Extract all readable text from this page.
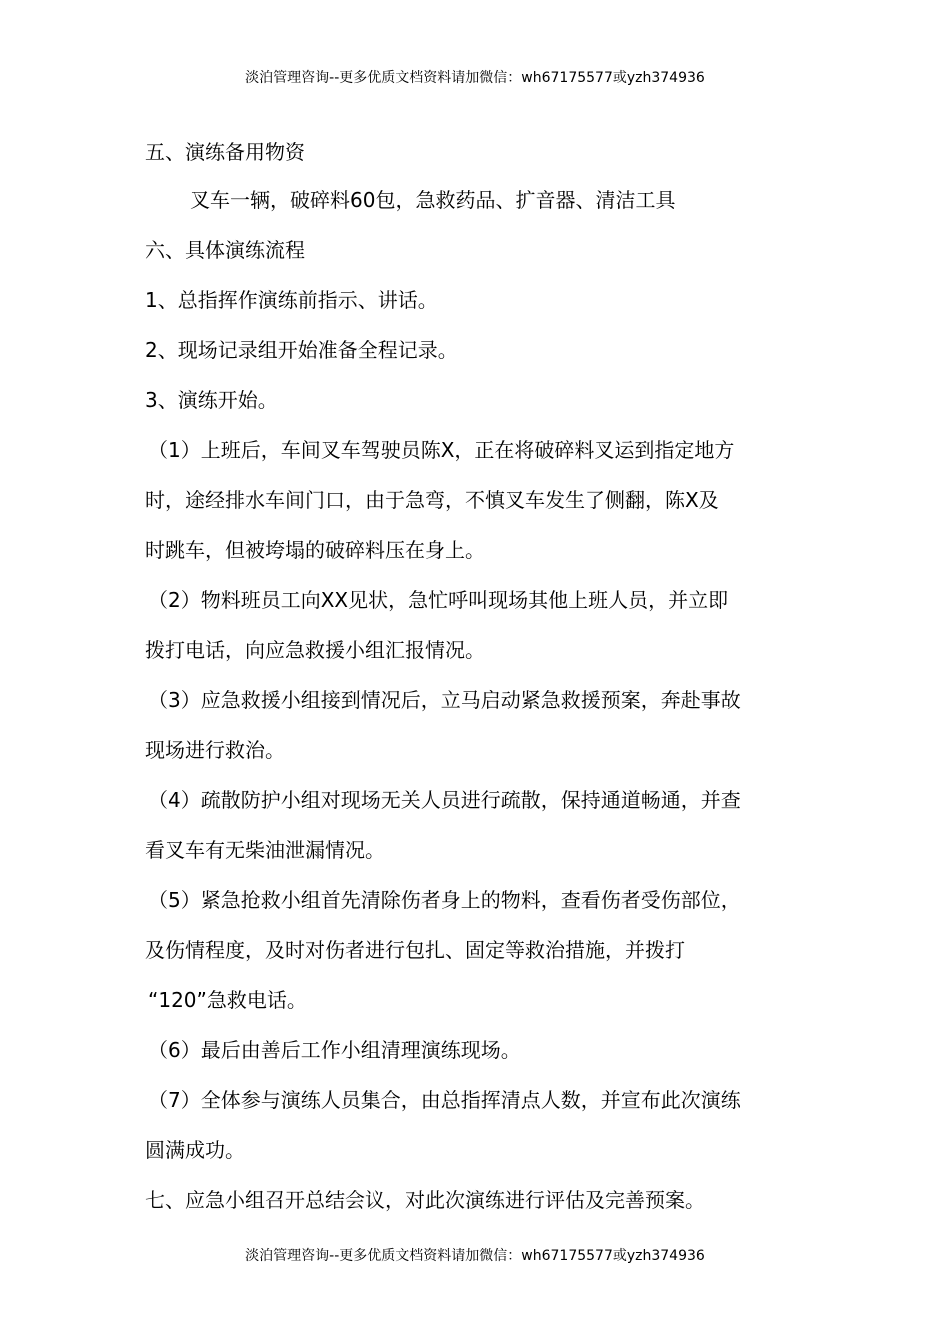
淡泊管理咨询--更多优质文档资料请加微信：wh67175577或yzh374936
五、演练备用物资
叉车一辆，破碎料60包，急救药品、扩音器、清洁工具
六、具体演练流程
1、总指挥作演练前指示、讲话。
2、现场记录组开始准备全程记录。
3、演练开始。
（1）上班后，车间叉车驾驶员陈X，正在将破碎料叉运到指定地方
时，途经排水车间门口，由于急弯，不慎叉车发生了侧翻，陈X及
时跳车，但被垮塌的破碎料压在身上。
（2）物料班员工向XX见状，急忙呼叫现场其他上班人员，并立即
拨打电话，向应急救援小组汇报情况。
（3）应急救援小组接到情况后，立马启动紧急救援预案，奔赴事故
现场进行救治。
（4）疏散防护小组对现场无关人员进行疏散，保持通道畅通，并查
看叉车有无柴油泄漏情况。
（5）紧急抢救小组首先清除伤者身上的物料，查看伤者受伤部位，
及伤情程度，及时对伤者进行包扎、固定等救治措施，并拨打
“120”急救电话。
（6）最后由善后工作小组清理演练现场。
（7）全体参与演练人员集合，由总指挥清点人数，并宣布此次演练
圆满成功。
七、应急小组召开总结会议，对此次演练进行评估及完善预案。
淡泊管理咨询--更多优质文档资料请加微信：wh67175577或yzh374936
